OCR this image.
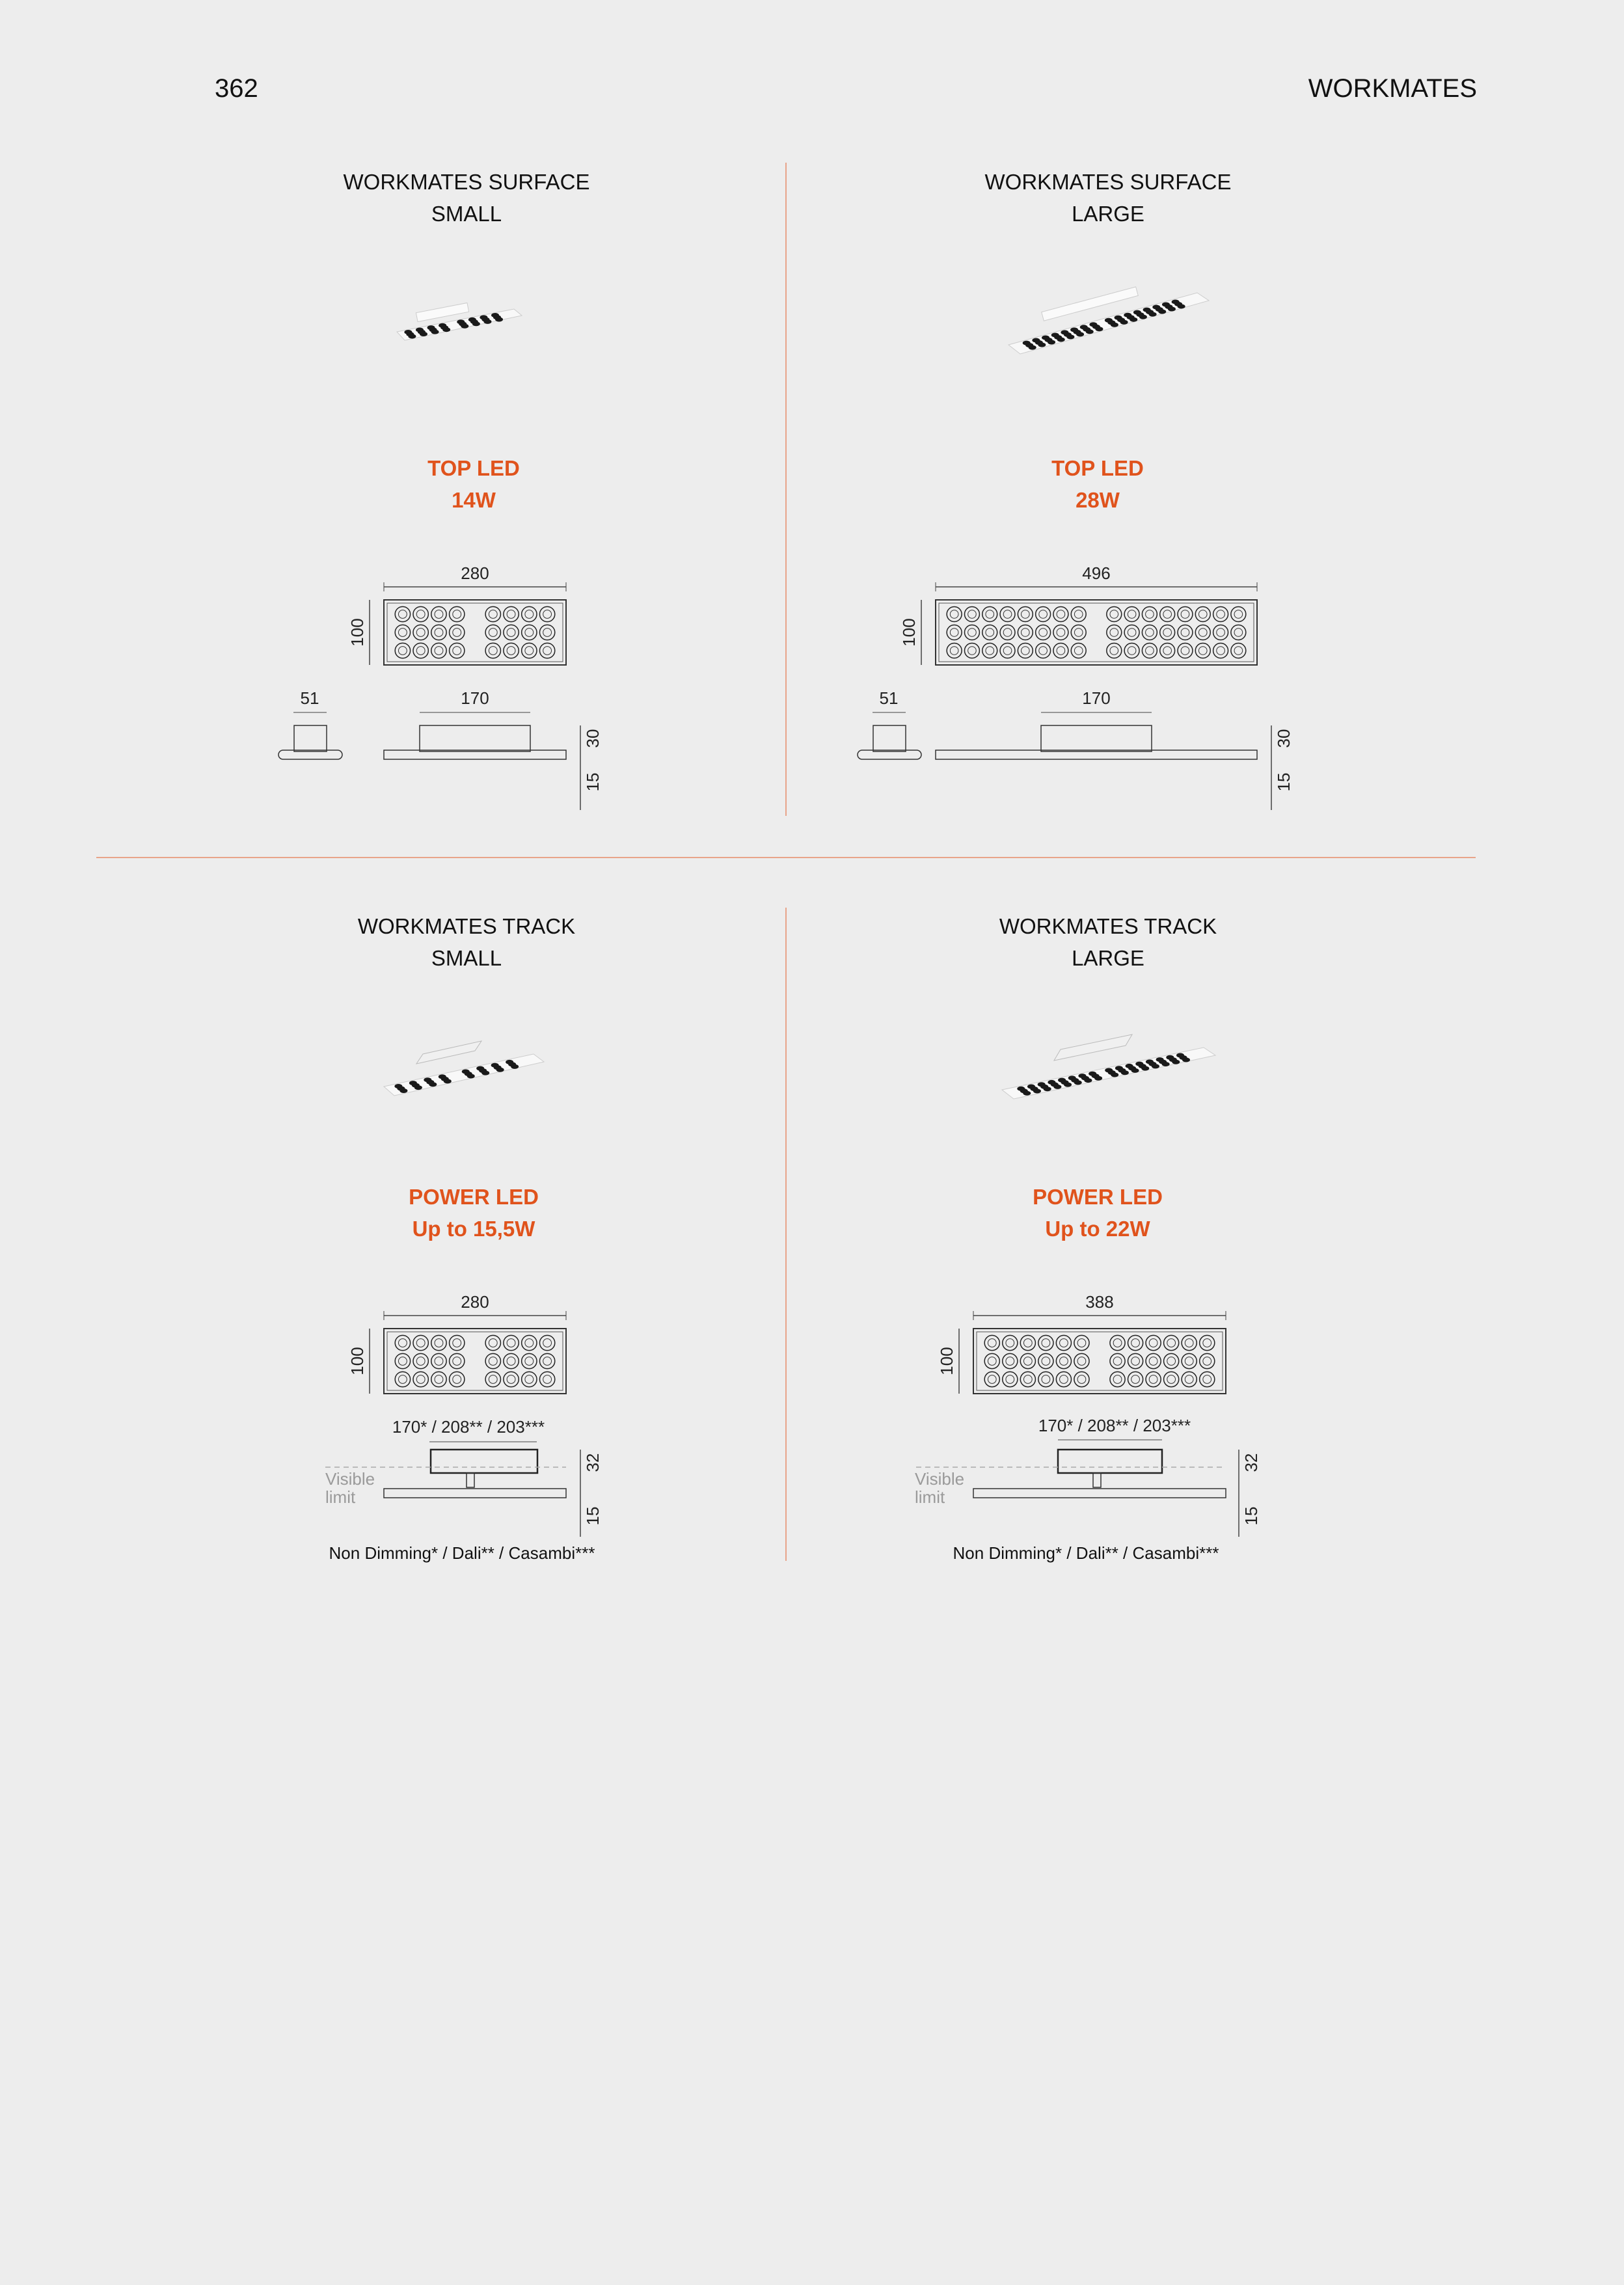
362	WORKMATES
WORKMATES SURFACE
SMALL
TOP LED
14W
280
100
51	170
30
15
WORKMATES SURFACE
LARGE
TOP LED
28W
496
100
51	170
30
15
WORKMATES TRACK
SMALL
POWER LED
Up to 15,5W
280
100
170* / 208** / 203***
Visible
limit
32
15
Non Dimming* / Dali** / Casambi***
WORKMATES TRACK
LARGE
POWER LED
Up to 22W
388
100
170* / 208** / 203***
Visible
limit
32
15
Non Dimming* / Dali** / Casambi***
